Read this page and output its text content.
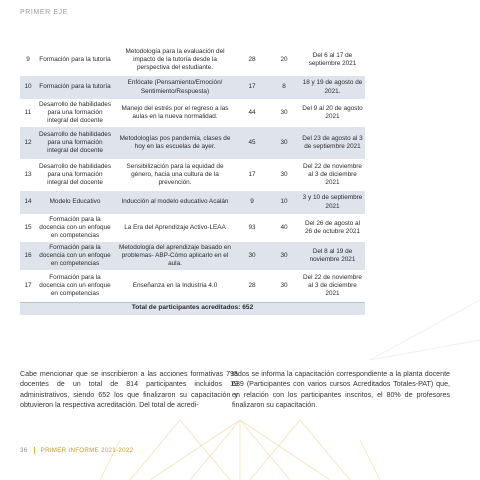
PRIMER EJE
9	Formación para la tutoría	Metodología para la evaluación del impacto de la tutoría desde la perspectiva del estudiante.	28	20	Del 6 al 17 de septiembre 2021
10	Formación para la tutoría	Enfócate (Pensamiento/Emoción/ Sentimiento/Respuesta)	17	8	18 y 19 de agosto de 2021.
11	Desarrollo de habilidades para una formación integral del docente	Manejo del estrés por el regreso a las aulas en la nueva normalidad.	44	30	Del 9 al 20 de agosto 2021
12	Desarrollo de habilidades para una formación integral del docente	Metodologías pos pandemia, clases de hoy en las escuelas de ayer.	45	30	Del 23 de agosto al 3 de septiembre 2021
13	Desarrollo de habilidades para una formación integral del docente	Sensibilización para la equidad de género, hacia una cultura de la prevención.	17	30	Del 22 de noviembre al 3 de diciembre 2021
14	Modelo Educativo	Inducción al modelo educativo Acalán	9	10	3 y 10 de septiembre 2021
15	Formación para la docencia con un enfoque en competencias	La Era del Aprendizaje Activo-LEAA	93	40	Del 26 de agosto al 26 de octubre 2021
16	Formación para la docencia con un enfoque en competencias	Metodología del aprendizaje basado en problemas- ABP-Cómo aplicarlo en el aula.	30	30	Del 8 al 19 de noviembre 2021
17	Formación para la docencia con un enfoque en competencias	Enseñanza en la Industria 4.0	28	30	Del 22 de noviembre al 3 de diciembre 2021
Total de participantes acreditados: 652					
Cabe mencionar que se inscribieron a las acciones formativas 795 docentes de un total de 814 participantes incluidos 19 administrativos, siendo 652 los que finalizaron su capacitación y obtuvieron la respectiva acreditación. Del total de acredi-
tados se informa la capacitación correspondiente a la planta docente 639 (Participantes con varios cursos Acreditados Totales-PAT) que, en relación con los participantes inscritos, el 80% de profesores finalizaron su capacitación.
36 PRIMER INFORME 2021-2022
